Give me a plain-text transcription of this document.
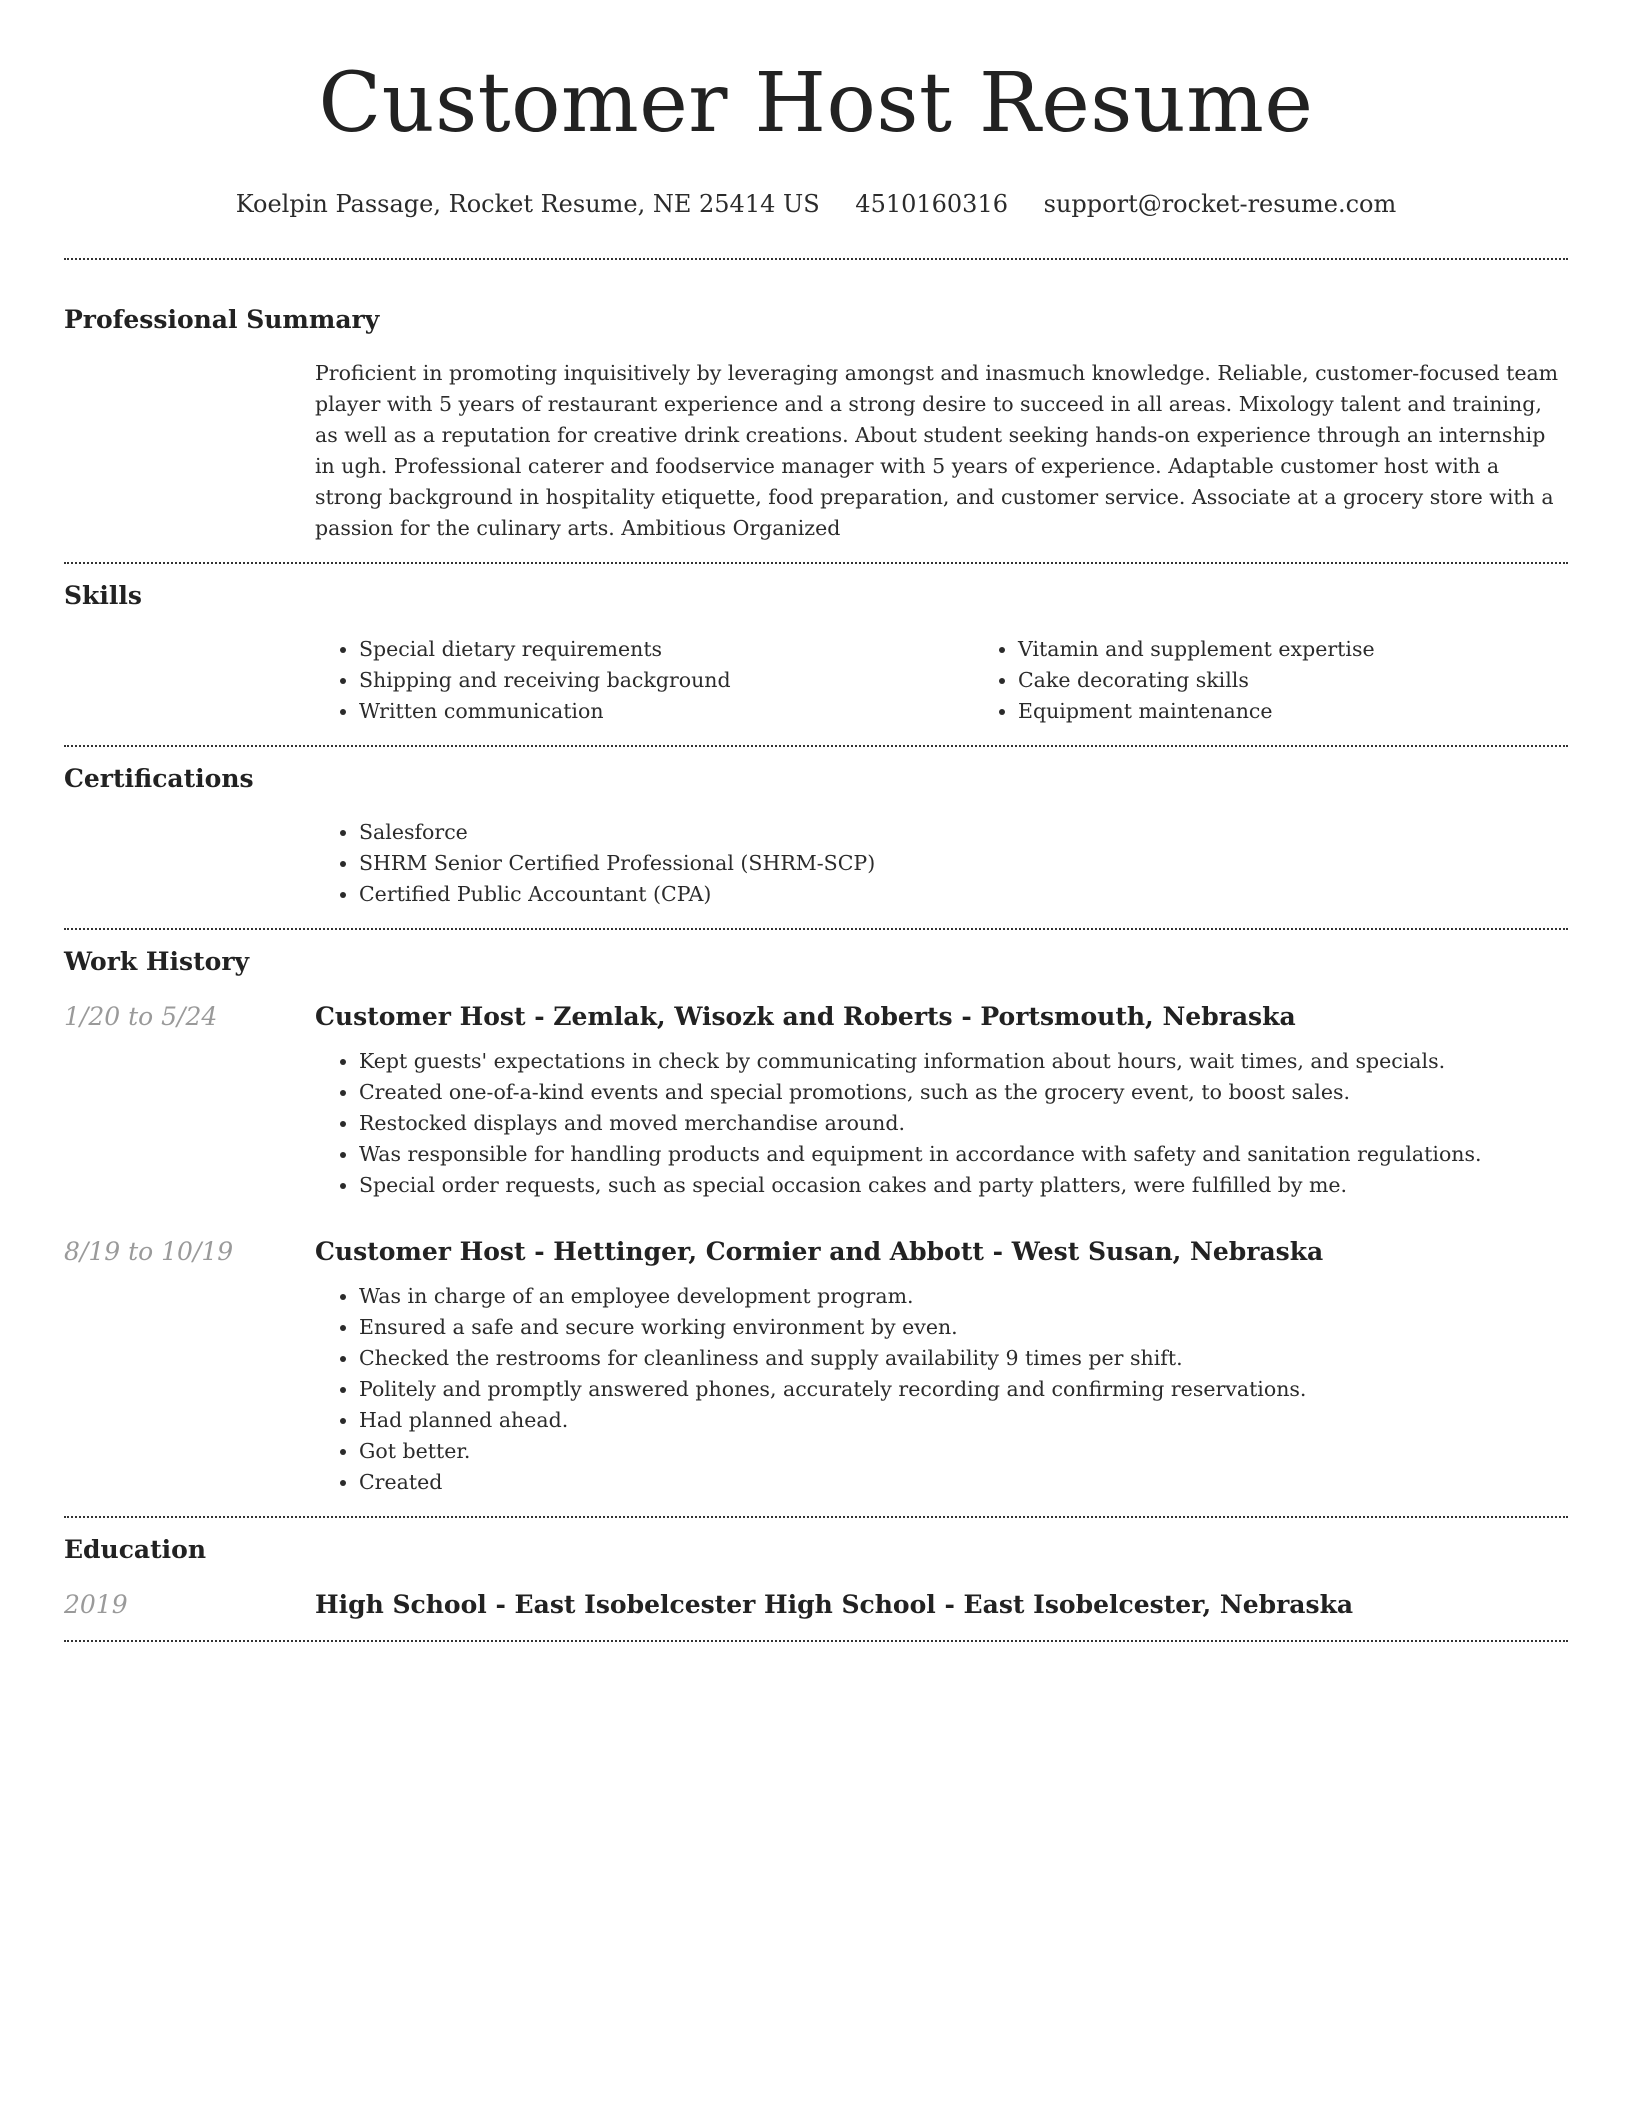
Customer Host Resume
Koelpin Passage, Rocket Resume, NE 25414 US 4510160316 support@rocket-resume.com
Professional Summary

Proficient in promoting inquisitively by leveraging amongst and inasmuch knowledge. Reliable, customer-focused team player with 5 years of restaurant experience and a strong desire to succeed in all areas. Mixology talent and training, as well as a reputation for creative drink creations. About student seeking hands-on experience through an internship in ugh. Professional caterer and foodservice manager with 5 years of experience. Adaptable customer host with a strong background in hospitality etiquette, food preparation, and customer service. Associate at a grocery store with a passion for the culinary arts. Ambitious Organized

Skills
• Special dietary requirements
• Shipping and receiving background
• Written communication
• Vitamin and supplement expertise
• Cake decorating skills
• Equipment maintenance
Certifications
• Salesforce
• SHRM Senior Certified Professional (SHRM-SCP)
• Certified Public Accountant (CPA)
Work History
1/20 to 5/24	Customer Host - Zemlak, Wisozk and Roberts - Portsmouth, Nebraska
• Kept guests' expectations in check by communicating information about hours, wait times, and specials.
• Created one-of-a-kind events and special promotions, such as the grocery event, to boost sales.
• Restocked displays and moved merchandise around.
• Was responsible for handling products and equipment in accordance with safety and sanitation regulations.
• Special order requests, such as special occasion cakes and party platters, were fulfilled by me.
8/19 to 10/19	Customer Host - Hettinger, Cormier and Abbott - West Susan, Nebraska
• Was in charge of an employee development program.
• Ensured a safe and secure working environment by even.
• Checked the restrooms for cleanliness and supply availability 9 times per shift.
• Politely and promptly answered phones, accurately recording and confirming reservations.
• Had planned ahead.
• Got better.
• Created
Education
2019	High School - East Isobelcester High School - East Isobelcester, Nebraska
